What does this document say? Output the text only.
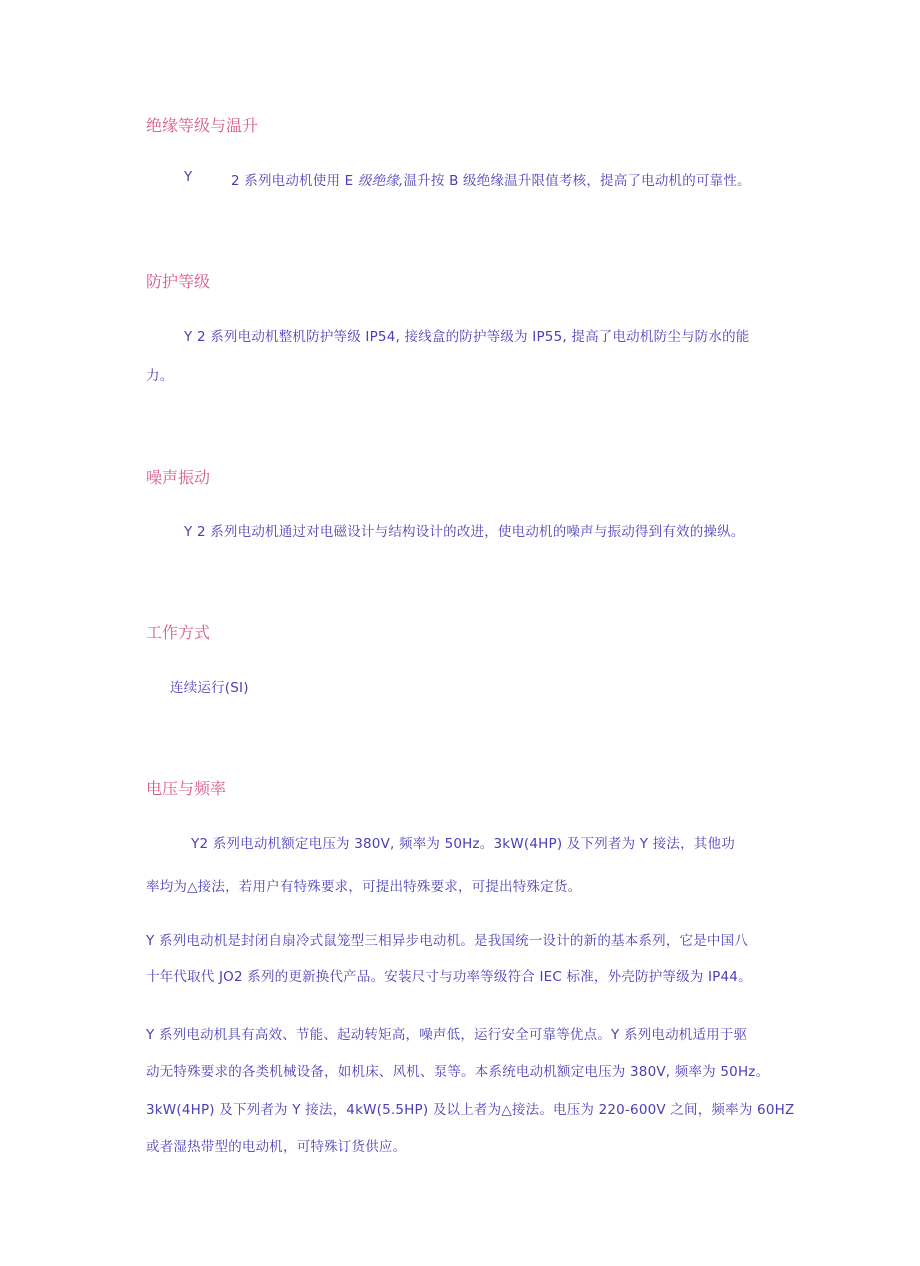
绝缘等级与温升

Y	2 系列电动机使用 E 级绝缘,温升按 B 级绝缘温升限值考核，提高了电动机的可靠性。

防护等级

Y 2 系列电动机整机防护等级 IP54, 接线盒的防护等级为 IP55, 提高了电动机防尘与防水的能

力。

噪声振动

Y 2 系列电动机通过对电磁设计与结构设计的改进，使电动机的噪声与振动得到有效的操纵。

工作方式

连续运行(SI)

电压与频率

Y2 系列电动机额定电压为 380V, 频率为 50Hz。3kW(4HP) 及下列者为 Y 接法，其他功

率均为△接法，若用户有特殊要求，可提出特殊要求，可提出特殊定货。

Y 系列电动机是封闭自扇冷式鼠笼型三相异步电动机。是我国统一设计的新的基本系列，它是中国八

十年代取代 JO2 系列的更新换代产品。安装尺寸与功率等级符合 IEC 标准，外壳防护等级为 IP44。

Y 系列电动机具有高效、节能、起动转矩高，噪声低，运行安全可靠等优点。Y 系列电动机适用于驱

动无特殊要求的各类机械设备，如机床、风机、泵等。本系统电动机额定电压为 380V, 频率为 50Hz。

3kW(4HP) 及下列者为 Y 接法，4kW(5.5HP) 及以上者为△接法。电压为 220-600V 之间，频率为 60HZ

或者湿热带型的电动机，可特殊订货供应。
